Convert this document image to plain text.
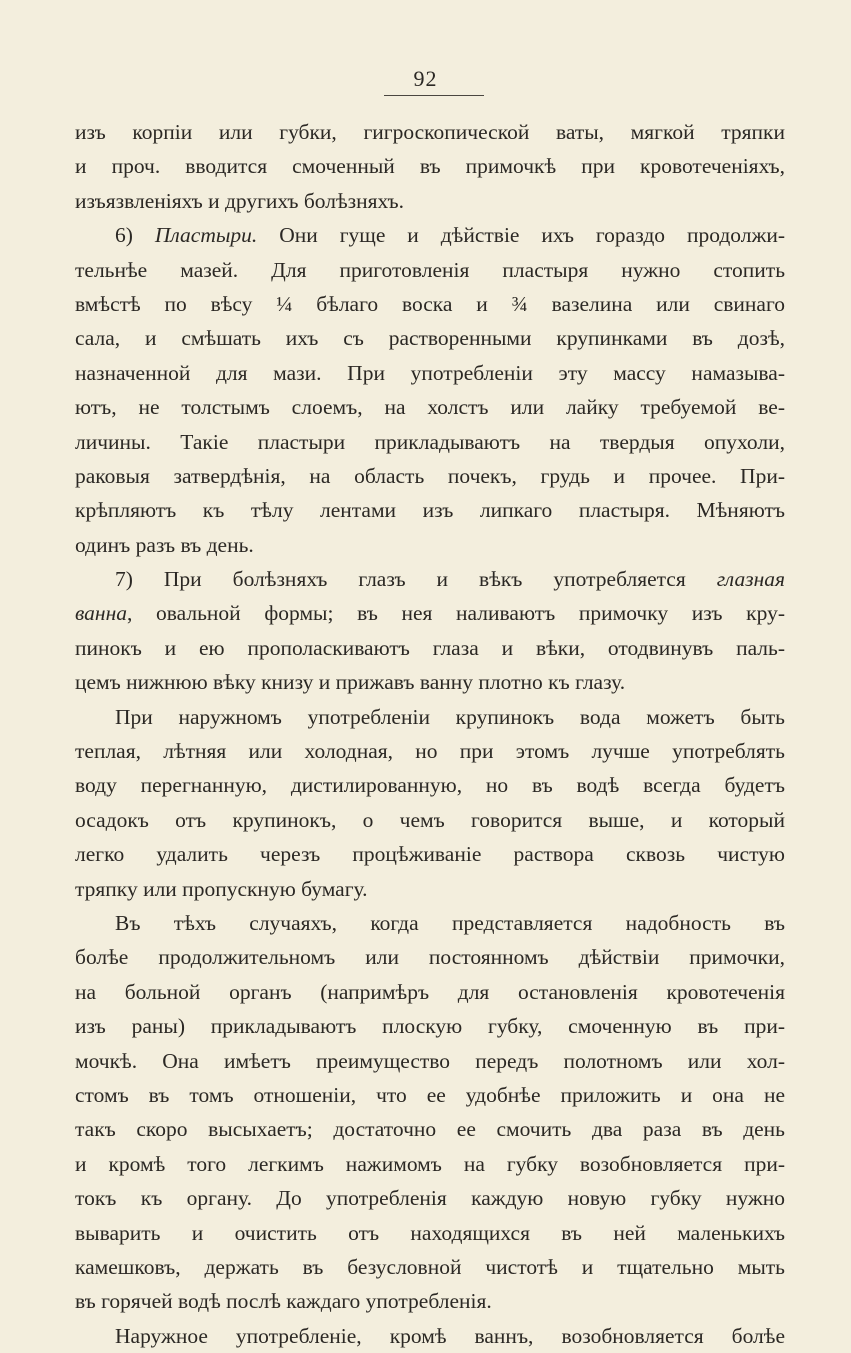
92
изъ корпіи или губки, гигроскопической ваты, мягкой тряпки
и проч. вводится смоченный въ примочкѣ при кровотеченіяхъ,
изъязвленіяхъ и другихъ болѣзняхъ.
6) Пластыри. Они гуще и дѣйствіе ихъ гораздо продолжи-
тельнѣе мазей. Для приготовленія пластыря нужно стопить
вмѣстѣ по вѣсу ¼ бѣлаго воска и ¾ вазелина или свинаго
сала, и смѣшать ихъ съ растворенными крупинками въ дозѣ,
назначенной для мази. При употребленіи эту массу намазыва-
ютъ, не толстымъ слоемъ, на холстъ или лайку требуемой ве-
личины. Такіе пластыри прикладываютъ на твердыя опухоли,
раковыя затвердѣнія, на область почекъ, грудь и прочее. При-
крѣпляютъ къ тѣлу лентами изъ липкаго пластыря. Мѣняютъ
одинъ разъ въ день.
7) При болѣзняхъ глазъ и вѣкъ употребляется глазная
ванна, овальной формы; въ нея наливаютъ примочку изъ кру-
пинокъ и ею прополаскиваютъ глаза и вѣки, отодвинувъ паль-
цемъ нижнюю вѣку книзу и прижавъ ванну плотно къ глазу.
При наружномъ употребленіи крупинокъ вода можетъ быть
теплая, лѣтняя или холодная, но при этомъ лучше употреблять
воду перегнанную, дистилированную, но въ водѣ всегда будетъ
осадокъ отъ крупинокъ, о чемъ говорится выше, и который
легко удалить черезъ процѣживаніе раствора сквозь чистую
тряпку или пропускную бумагу.
Въ тѣхъ случаяхъ, когда представляется надобность въ
болѣе продолжительномъ или постоянномъ дѣйствіи примочки,
на больной органъ (напримѣръ для остановленія кровотеченія
изъ раны) прикладываютъ плоскую губку, смоченную въ при-
мочкѣ. Она имѣетъ преимущество передъ полотномъ или хол-
стомъ въ томъ отношеніи, что ее удобнѣе приложить и она не
такъ скоро высыхаетъ; достаточно ее смочить два раза въ день
и кромѣ того легкимъ нажимомъ на губку возобновляется при-
токъ къ органу. До употребленія каждую новую губку нужно
выварить и очистить отъ находящихся въ ней маленькихъ
камешковъ, держать въ безусловной чистотѣ и тщательно мыть
въ горячей водѣ послѣ каждаго употребленія.
Наружное употребленіе, кромѣ ваннъ, возобновляется болѣе
